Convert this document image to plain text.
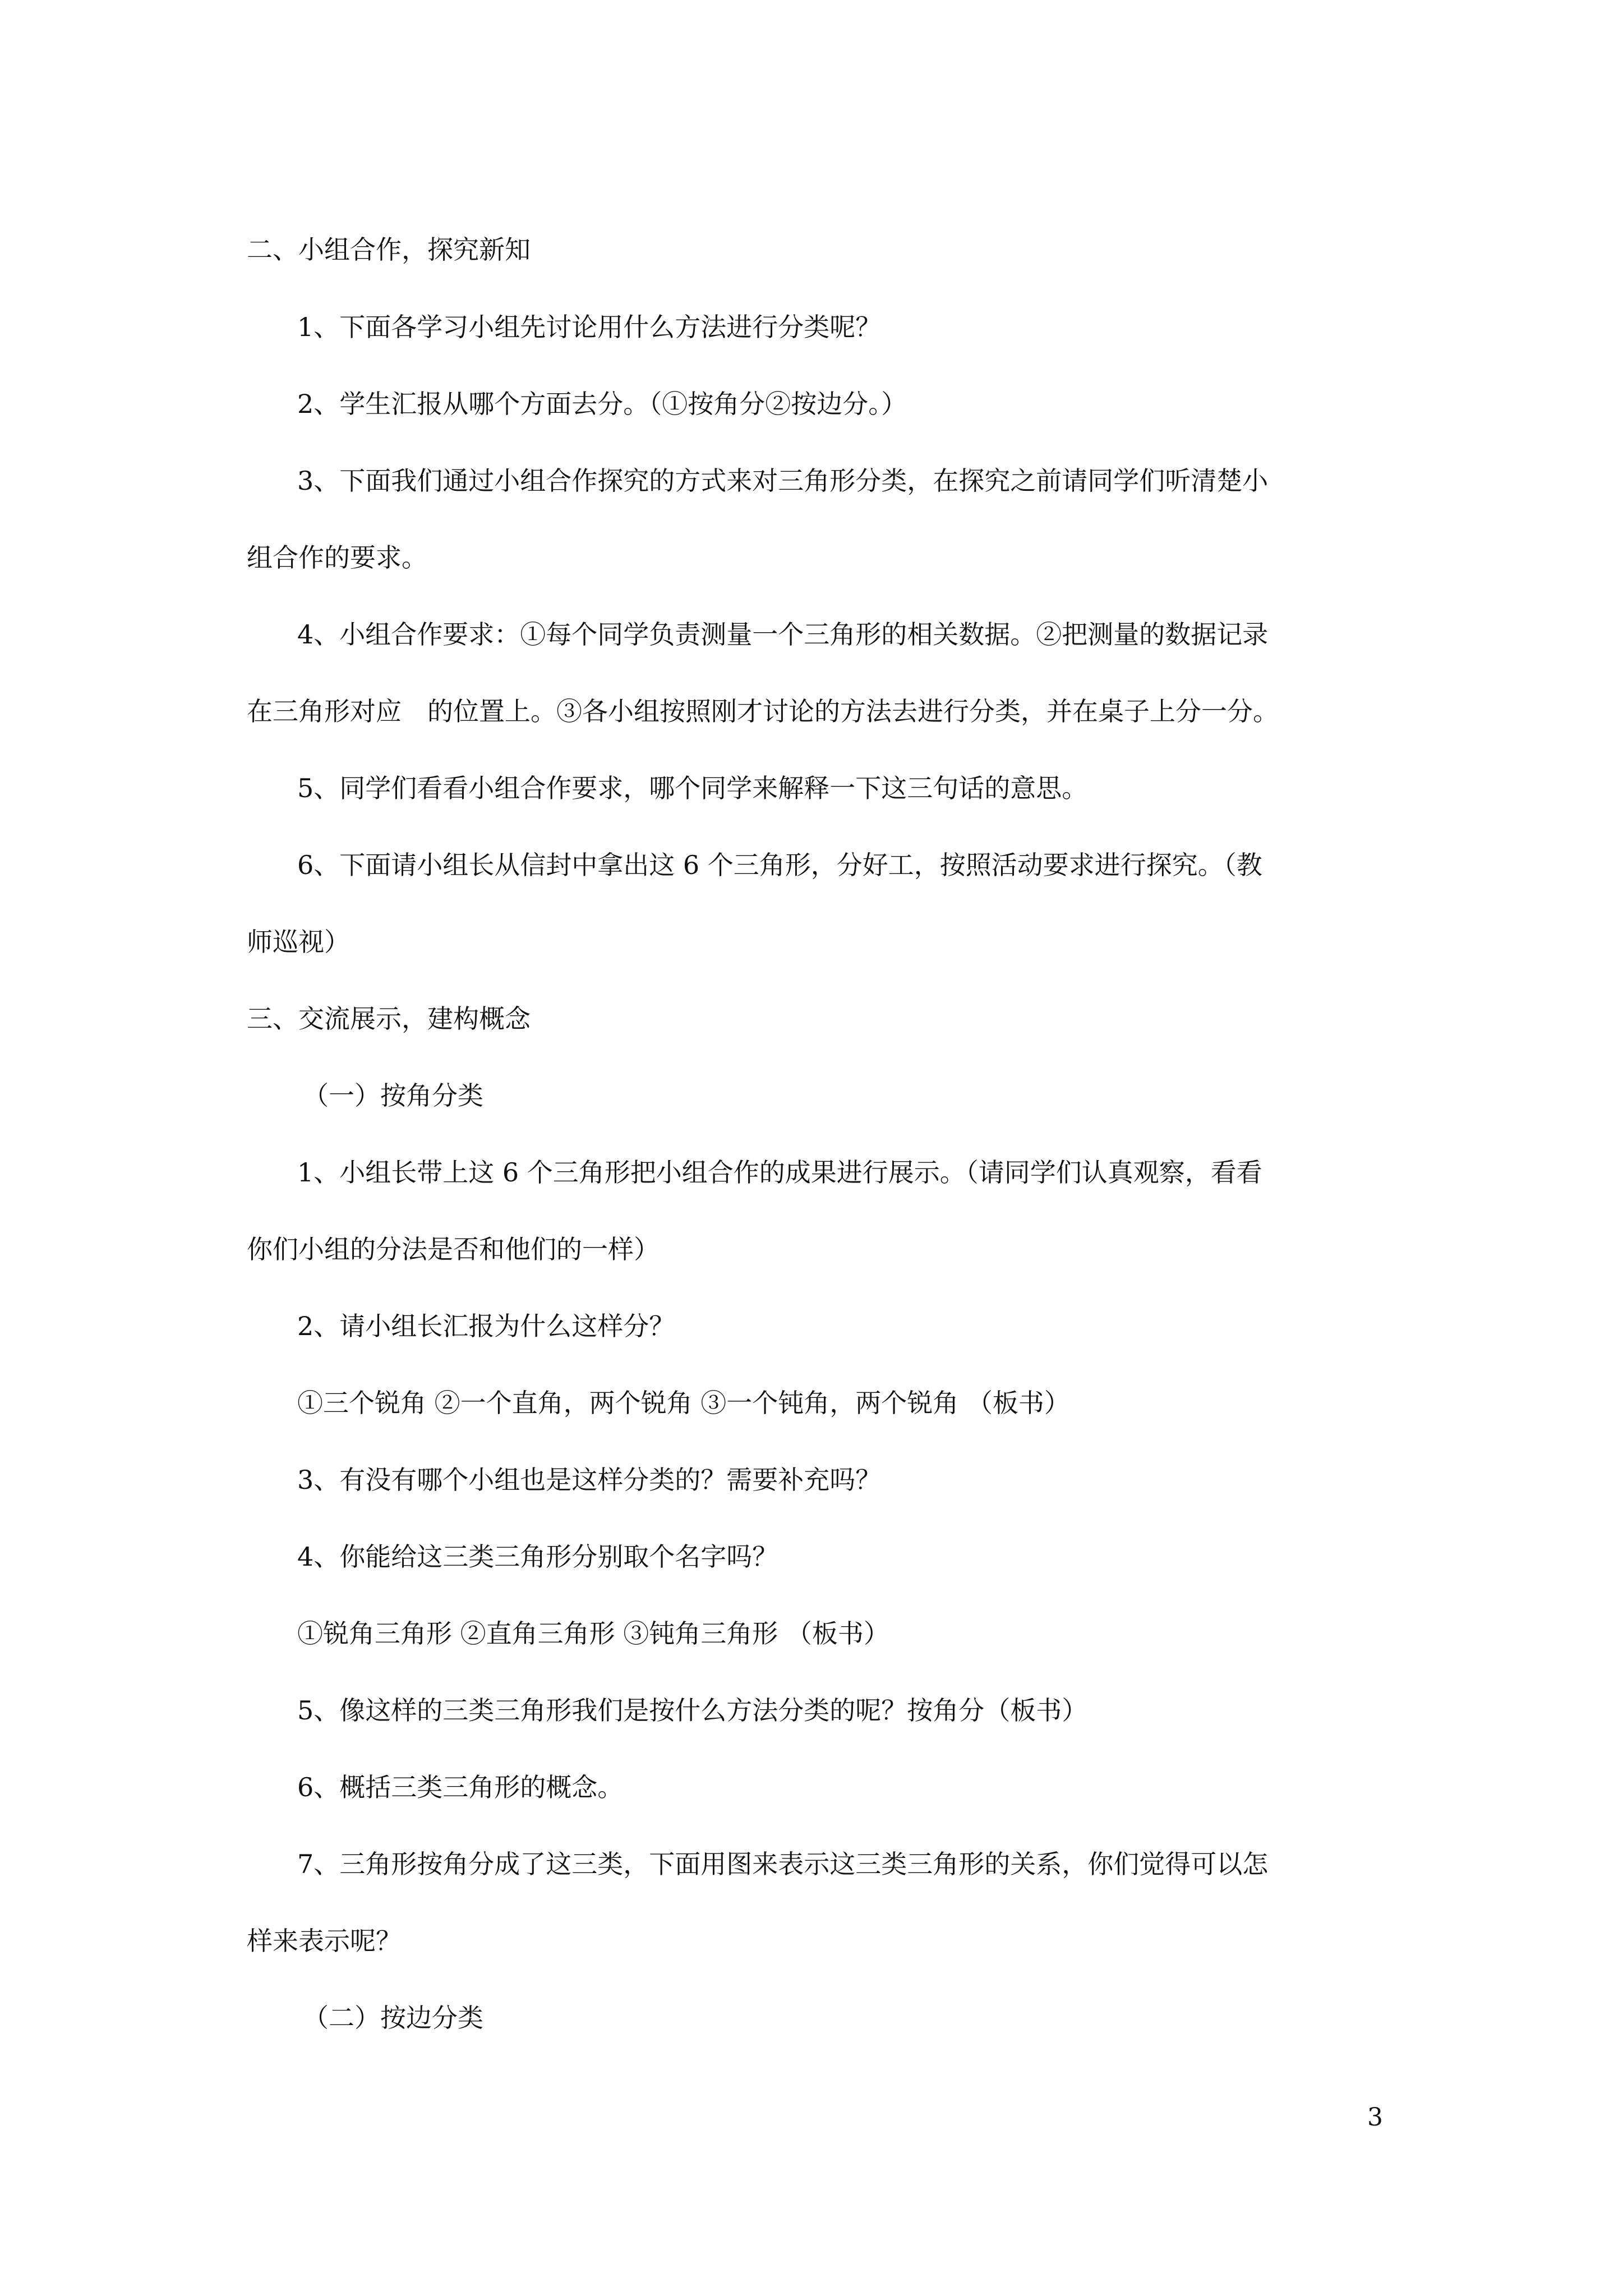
二、小组合作，探究新知
1、下面各学习小组先讨论用什么方法进行分类呢？
2、学生汇报从哪个方面去分。（①按角分②按边分。）
3、下面我们通过小组合作探究的方式来对三角形分类，在探究之前请同学们听清楚小
组合作的要求。
4、小组合作要求：①每个同学负责测量一个三角形的相关数据。②把测量的数据记录
在三角形对应　的位置上。③各小组按照刚才讨论的方法去进行分类，并在桌子上分一分。
5、同学们看看小组合作要求，哪个同学来解释一下这三句话的意思。
6、下面请小组长从信封中拿出这 6 个三角形，分好工，按照活动要求进行探究。（教
师巡视）
三、交流展示，建构概念
（一）按角分类
1、小组长带上这 6 个三角形把小组合作的成果进行展示。（请同学们认真观察，看看
你们小组的分法是否和他们的一样）
2、请小组长汇报为什么这样分？
①三个锐角 ②一个直角，两个锐角 ③一个钝角，两个锐角 （板书）
3、有没有哪个小组也是这样分类的？需要补充吗？
4、你能给这三类三角形分别取个名字吗？
①锐角三角形 ②直角三角形 ③钝角三角形 （板书）
5、像这样的三类三角形我们是按什么方法分类的呢？按角分（板书）
6、概括三类三角形的概念。
7、三角形按角分成了这三类，下面用图来表示这三类三角形的关系，你们觉得可以怎
样来表示呢？
（二）按边分类
3
